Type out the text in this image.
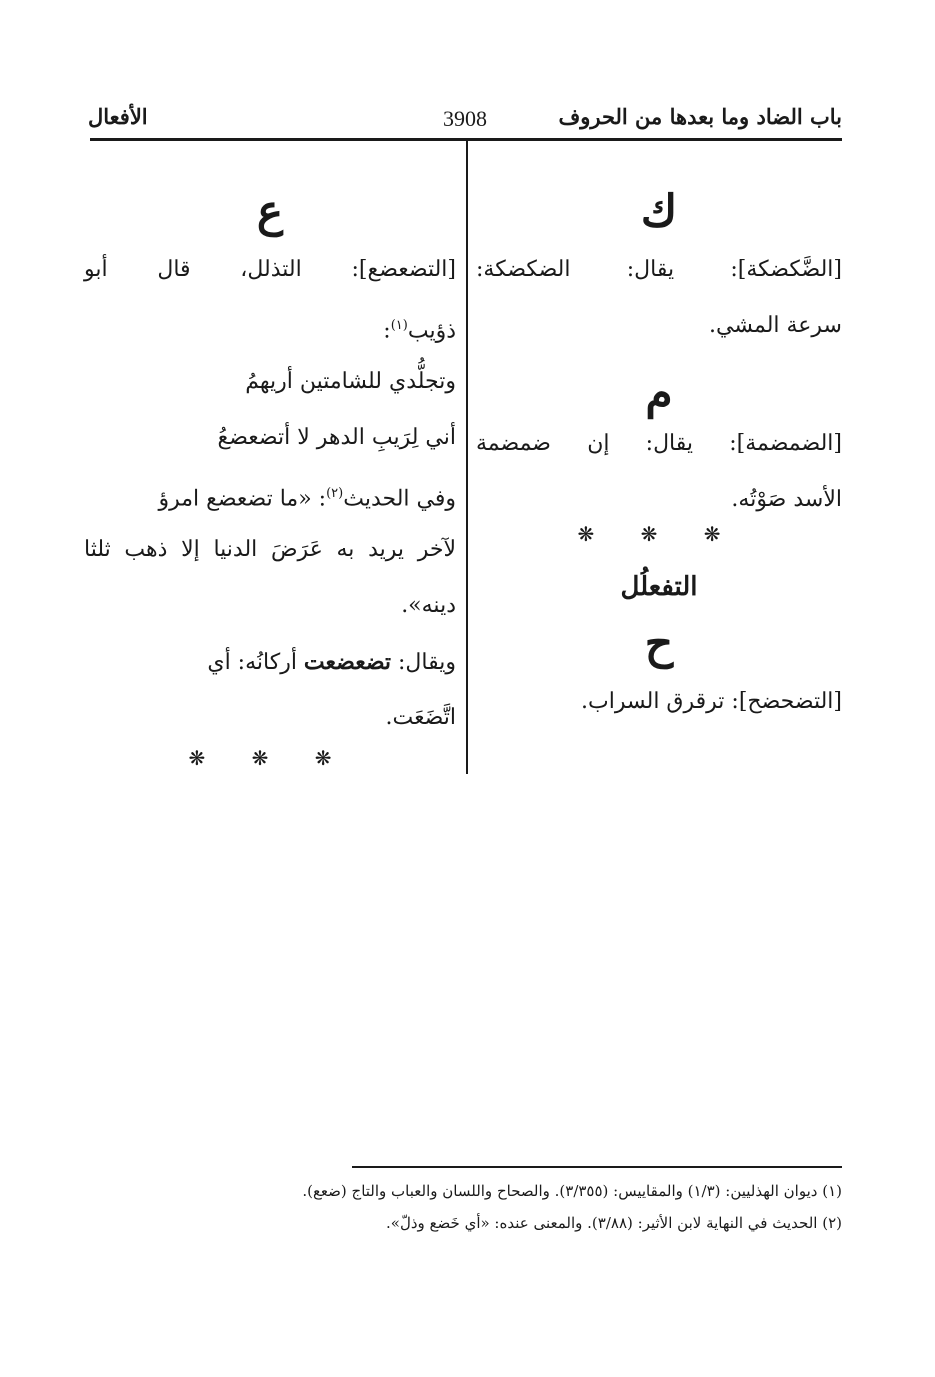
باب الضاد وما بعدها من الحروف
3908
الأفعال
ك
[الضَّكضكة]: يقال: الضكضكة:
سرعة المشي.
م
[الضمضمة]: يقال: إن ضمضمة
الأسد صَوْتُه.
❋ ❋ ❋
التفعلُل
ح
[التضحضح]: ترقرق السراب.
ع
[التضعضع]: التذلل، قال أبو
ذؤيب$^{(١)}$:
وتجلُّدي للشامتين أريهمُ
أني لِرَيبِ الدهر لا أتضعضعُ
وفي الحديث$^{(٢)}$: «ما تضعضع امرؤ
لآخر يريد به عَرَضَ الدنيا إلا ذهب ثلثا
دينه».
ويقال: تضعضعت أركانُه: أي
اتَّضَعَت.
❋ ❋ ❋
(١) ديوان الهذليين: (١/٣) والمقاييس: (٣/٣٥٥). والصحاح واللسان والعباب والتاج (ضعع).
(٢) الحديث في النهاية لابن الأثير: (٣/٨٨). والمعنى عنده: «أي خَضع وذلّ».
